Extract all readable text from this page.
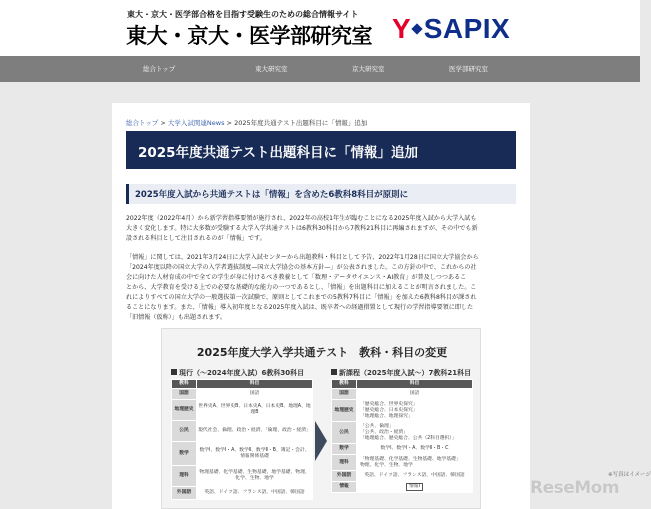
東大・京大・医学部合格を目指す受験生のための総合情報サイト
東大・京大・医学部研究室 Y SAPIX
総合トップ	東大研究室	京大研究室	医学部研究室
総合トップ > 大学入試関連News > 2025年度共通テスト出題科目に「情報」追加
2025年度共通テスト出題科目に「情報」追加
2025年度入試から共通テストは「情報」を含めた6教科8科目が原則に
2022年度（2022年4月）から新学習指導要領が施行され、2022年の高校1年生が臨むことになる2025年度入試から大学入試も
大きく変化します。特に大多数が受験する大学入学共通テストは6教科30科目から7教科21科目に再編されますが、その中でも新
設される科目として注目されるのが「情報」です。
「情報」に関しては、2021年3月24日に大学入試センターから出題教科・科目として予告、2022年1月28日に国立大学協会から
「2024年度以降の国立大学の入学者選抜制度—国立大学協会の基本方針—」が公表されました。この方針の中で、これからの社
会に向けた人材育成の中で全ての学生が身に付けるべき教養として「数理・データサイエンス・AI教育」が普及しつつあるこ
とから、大学教育を受ける上での必要な基礎的な能力の一つであるとし、「情報」を出題科目に加えることが明言されました。こ
れによりすべての国立大学の一般選抜第一次試験で、原則としてこれまでの5教科7科目に「情報」を加えた6教科8科目が課され
ることになります。また、「情報」導入初年度となる2025年度入試は、既卒者への経過措置として現行の学習指導要領に即した
「旧情報（仮称）」も出題されます。
2025年度大学入学共通テスト　教科・科目の変更
現行（〜2024年度入試）6教科30科目
教科	科目
国語	国語
地理歴史	世界史A、世界史B、日本史A、日本史B、地理A、地理B
公民	現代社会、倫理、政治・経済、「倫理、政治・経済」
数学	数学Ⅰ、数学Ⅰ・A、数学Ⅱ、数学Ⅱ・B、簿記・会計、情報関係基礎
理科	物理基礎、化学基礎、生物基礎、地学基礎、物理、化学、生物、地学
外国語	英語、ドイツ語、フランス語、中国語、韓国語
新課程（2025年度入試〜）7教科21科目
教科	科目
国語	国語
地理歴史	「歴史総合、世界史探究」
「歴史総合、日本史探究」
「地理総合、地理探究」

公民	「公共、倫理」
「公共、政治・経済」
「地理総合、歴史総合、公共（2科目選択）」

数学	数学Ⅰ、数学Ⅰ・A、数学Ⅱ・B・C
理科	「物理基礎、化学基礎、生物基礎、地学基礎」
物理、化学、生物、地学

外国語	英語、ドイツ語、フランス語、中国語、韓国語
情報	情報Ⅰ
※写真はイメージ
ReseMom
